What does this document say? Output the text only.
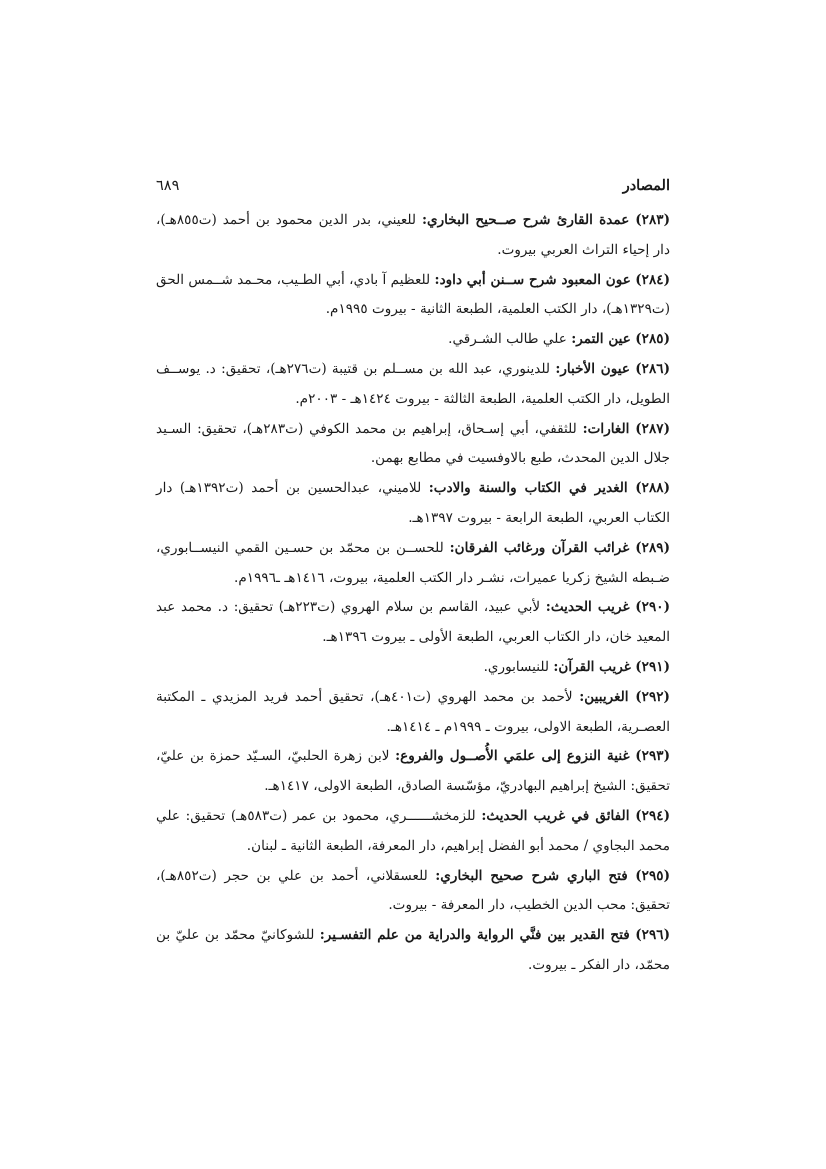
المصادر
٦٨٩
(٢٨٣) عمدة القارئ شرح صــحيح البخاري: للعيني، بدر الدين محمود بن أحمد (ت٨٥٥هـ)، دار إحياء التراث العربي بيروت.
(٢٨٤) عون المعبود شرح ســنن أبي داود: للعظيم آ بادي، أبي الطـيب، محـمد شــمس الحق (ت١٣٢٩هـ)، دار الكتب العلمية، الطبعة الثانية - بيروت ١٩٩٥م.
(٢٨٥) عين التمر: علي طالب الشـرقي.
(٢٨٦) عيون الأخبار: للدينوري، عبد الله بن مســلم بن قتيبة (ت٢٧٦هـ)، تحقيق: د. يوســف الطويل، دار الكتب العلمية، الطبعة الثالثة - بيروت ١٤٢٤هـ - ٢٠٠٣م.
(٢٨٧) الغارات: للثقفي، أبي إسـحاق، إبراهيم بن محمد الكوفي (ت٢٨٣هـ)، تحقيق: السـيد جلال الدين المحدث، طبع بالاوفسيت في مطابع بهمن.
(٢٨٨) الغدير في الكتاب والسنة والادب: للاميني، عبدالحسين بن أحمد (ت١٣٩٢هـ) دار الكتاب العربي، الطبعة الرابعة - بيروت ١٣٩٧هـ.
(٢٨٩) غرائب القرآن ورغائب الفرقان: للحســن بن محمّد بن حسـين القمي النيســابوري، ضـبطه الشيخ زكريا عميرات، نشـر دار الكتب العلمية، بيروت، ١٤١٦هـ ـ١٩٩٦م.
(٢٩٠) غريب الحديث: لأبي عبيد، القاسم بن سلام الهروي (ت٢٢٣هـ) تحقيق: د. محمد عبد المعيد خان، دار الكتاب العربي، الطبعة الأولى ـ بيروت ١٣٩٦هـ.
(٢٩١) غريب القرآن: للنيسابوري.
(٢٩٢) الغريبين: لأحمد بن محمد الهروي (ت٤٠١هـ)، تحقيق أحمد فريد المزيدي ـ المكتبة العصـرية، الطبعة الاولى، بيروت ـ ١٩٩٩م ـ ١٤١٤هـ.
(٢٩٣) غنية النزوع إلى علمَي الأُصــول والفروع: لابن زهرة الحلبيّ، السـيّد حمزة بن عليّ، تحقيق: الشيخ إبراهيم البهادريّ، مؤسّسة الصادق، الطبعة الاولى، ١٤١٧هـ.
(٢٩٤) الفائق في غريب الحديث: للزمخشــــــري، محمود بن عمر (ت٥٨٣هـ) تحقيق: علي محمد البجاوي / محمد أبو الفضل إبراهيم، دار المعرفة، الطبعة الثانية ـ لبنان.
(٢٩٥) فتح الباري شرح صحيح البخاري: للعسقلاني، أحمد بن علي بن حجر (ت٨٥٢هـ)، تحقيق: محب الدين الخطيب، دار المعرفة - بيروت.
(٢٩٦) فتح القدير بين فنَّي الرواية والدراية من علم التفسـير: للشوكانيّ محمّد بن عليّ بن محمّد، دار الفكر ـ بيروت.
